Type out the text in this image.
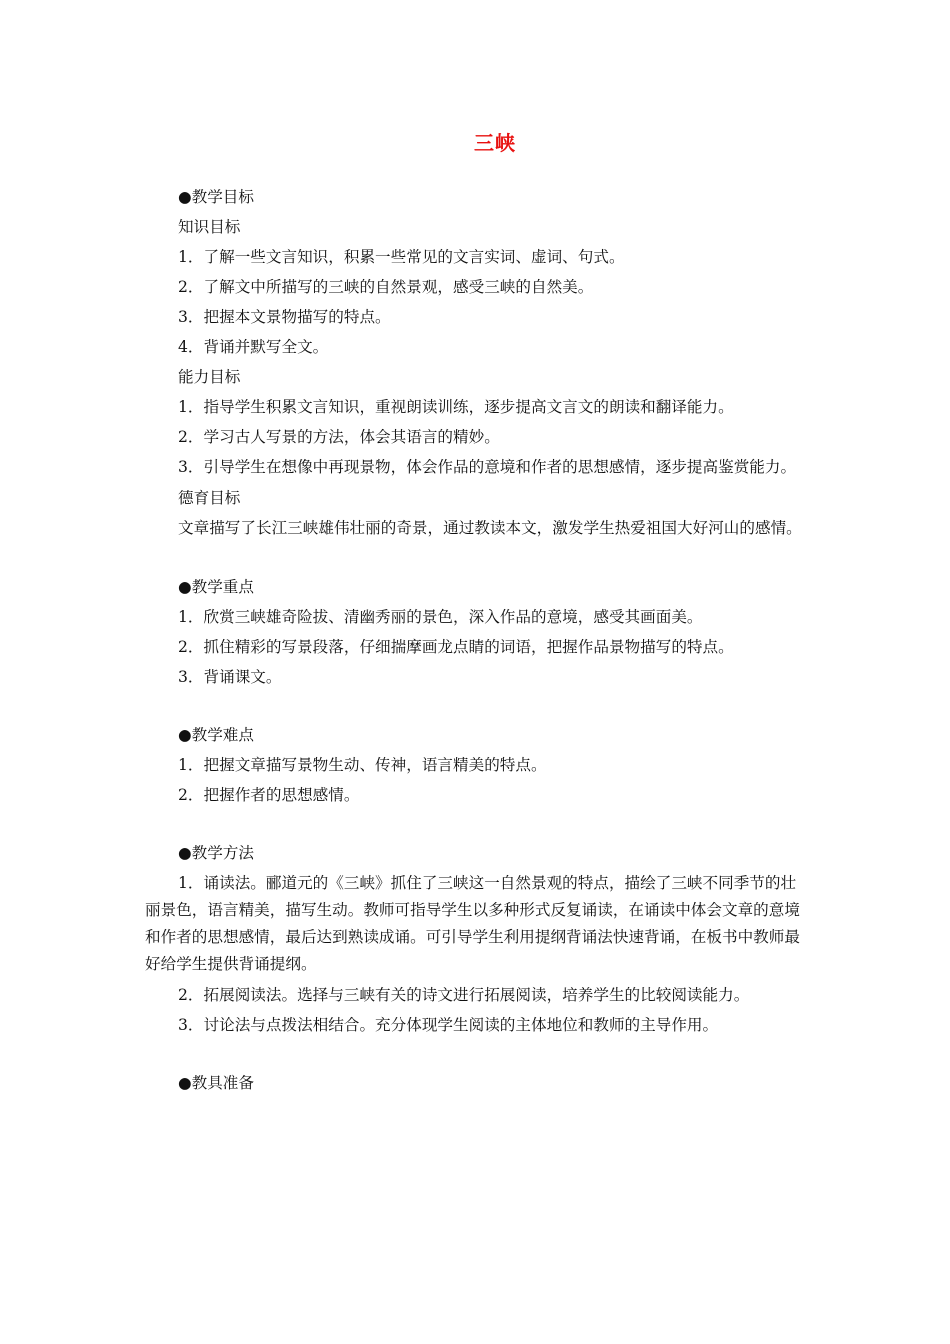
三峡

●教学目标

知识目标

1．了解一些文言知识，积累一些常见的文言实词、虚词、句式。

2．了解文中所描写的三峡的自然景观，感受三峡的自然美。

3．把握本文景物描写的特点。

4．背诵并默写全文。

能力目标

1．指导学生积累文言知识，重视朗读训练，逐步提高文言文的朗读和翻译能力。

2．学习古人写景的方法，体会其语言的精妙。

3．引导学生在想像中再现景物，体会作品的意境和作者的思想感情，逐步提高鉴赏能力。

德育目标

文章描写了长江三峡雄伟壮丽的奇景，通过教读本文，激发学生热爱祖国大好河山的感情。

●教学重点

1．欣赏三峡雄奇险拔、清幽秀丽的景色，深入作品的意境，感受其画面美。

2．抓住精彩的写景段落，仔细揣摩画龙点睛的词语，把握作品景物描写的特点。

3．背诵课文。

●教学难点

1．把握文章描写景物生动、传神，语言精美的特点。

2．把握作者的思想感情。

●教学方法

1．诵读法。郦道元的《三峡》抓住了三峡这一自然景观的特点，描绘了三峡不同季节的壮丽景色，语言精美，描写生动。教师可指导学生以多种形式反复诵读，在诵读中体会文章的意境和作者的思想感情，最后达到熟读成诵。可引导学生利用提纲背诵法快速背诵，在板书中教师最好给学生提供背诵提纲。

2．拓展阅读法。选择与三峡有关的诗文进行拓展阅读，培养学生的比较阅读能力。

3．讨论法与点拨法相结合。充分体现学生阅读的主体地位和教师的主导作用。

●教具准备
